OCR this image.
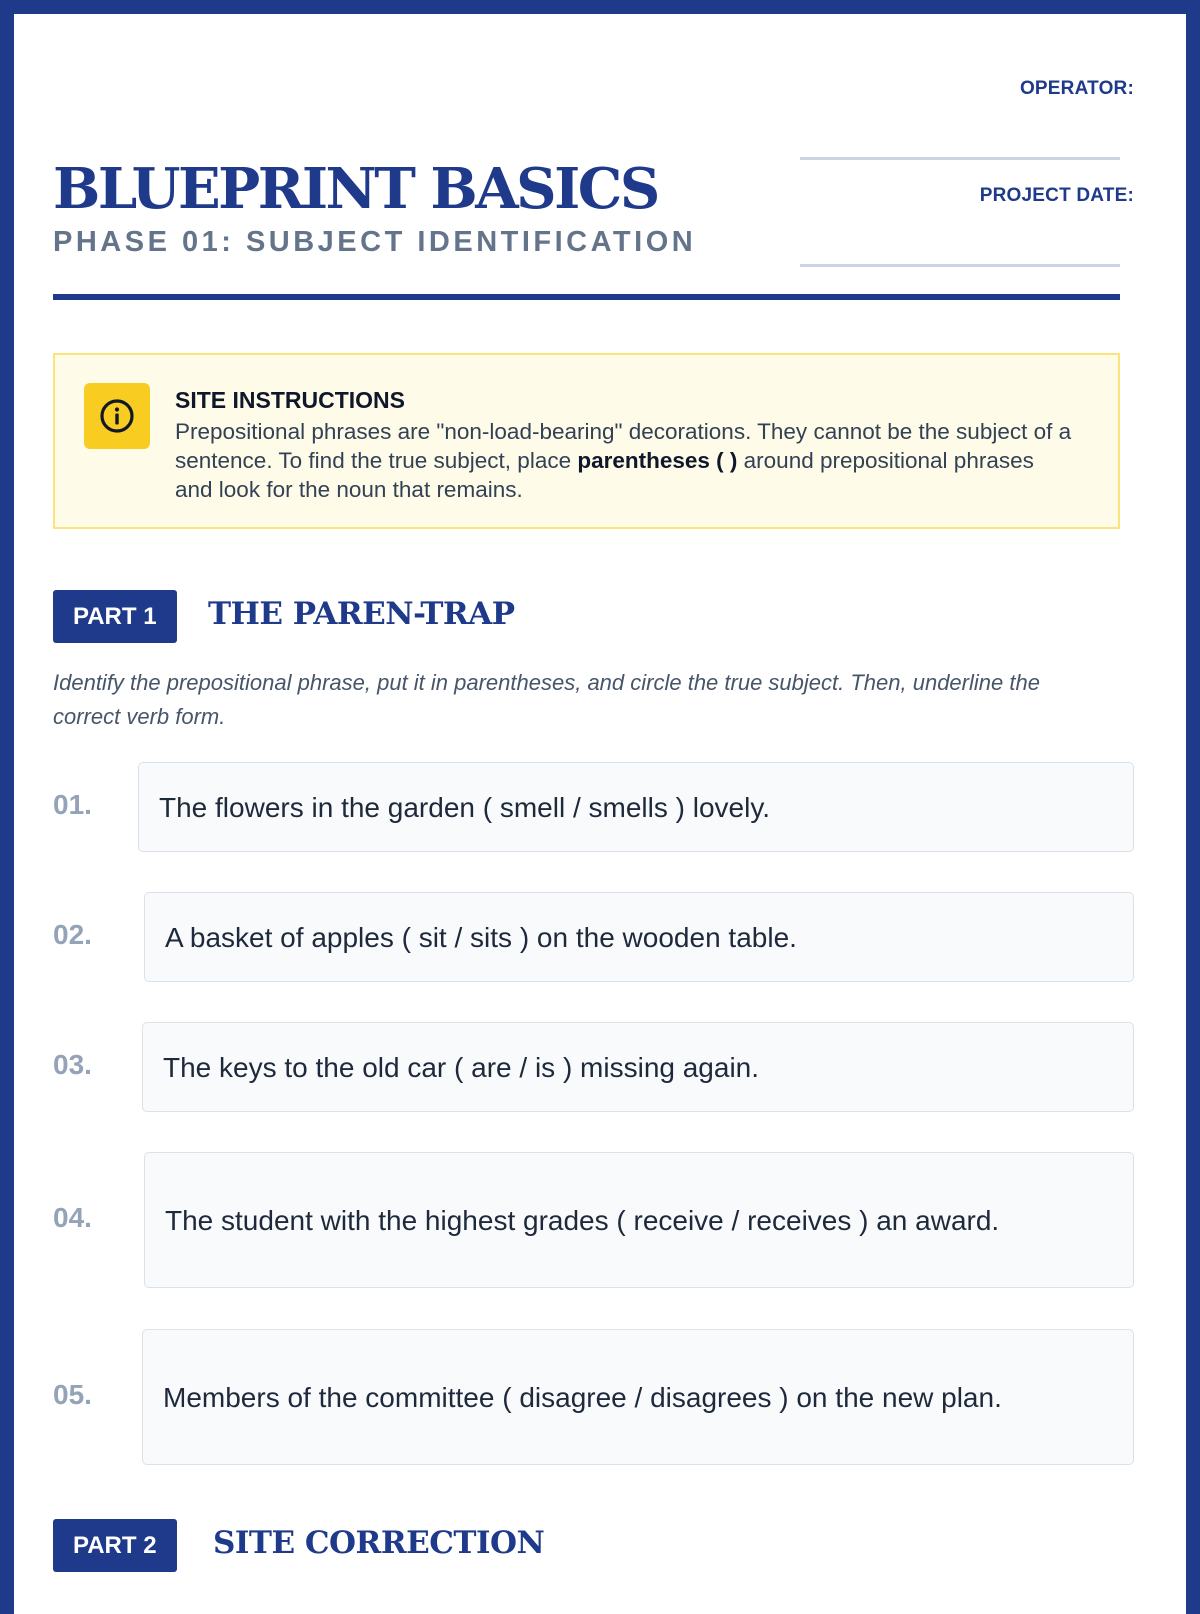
OPERATOR:
PROJECT DATE:
BLUEPRINT BASICS
PHASE 01: SUBJECT IDENTIFICATION
SITE INSTRUCTIONS
Prepositional phrases are "non-load-bearing" decorations. They cannot be the subject of a sentence. To find the true subject, place parentheses ( ) around prepositional phrases and look for the noun that remains.
PART 1	THE PAREN-TRAP
Identify the prepositional phrase, put it in parentheses, and circle the true subject. Then, underline the correct verb form.
01.	The flowers in the garden ( smell / smells ) lovely.
02.	A basket of apples ( sit / sits ) on the wooden table.
03.	The keys to the old car ( are / is ) missing again.
04.	The student with the highest grades ( receive / receives ) an award.
05.	Members of the committee ( disagree / disagrees ) on the new plan.
PART 2	SITE CORRECTION
